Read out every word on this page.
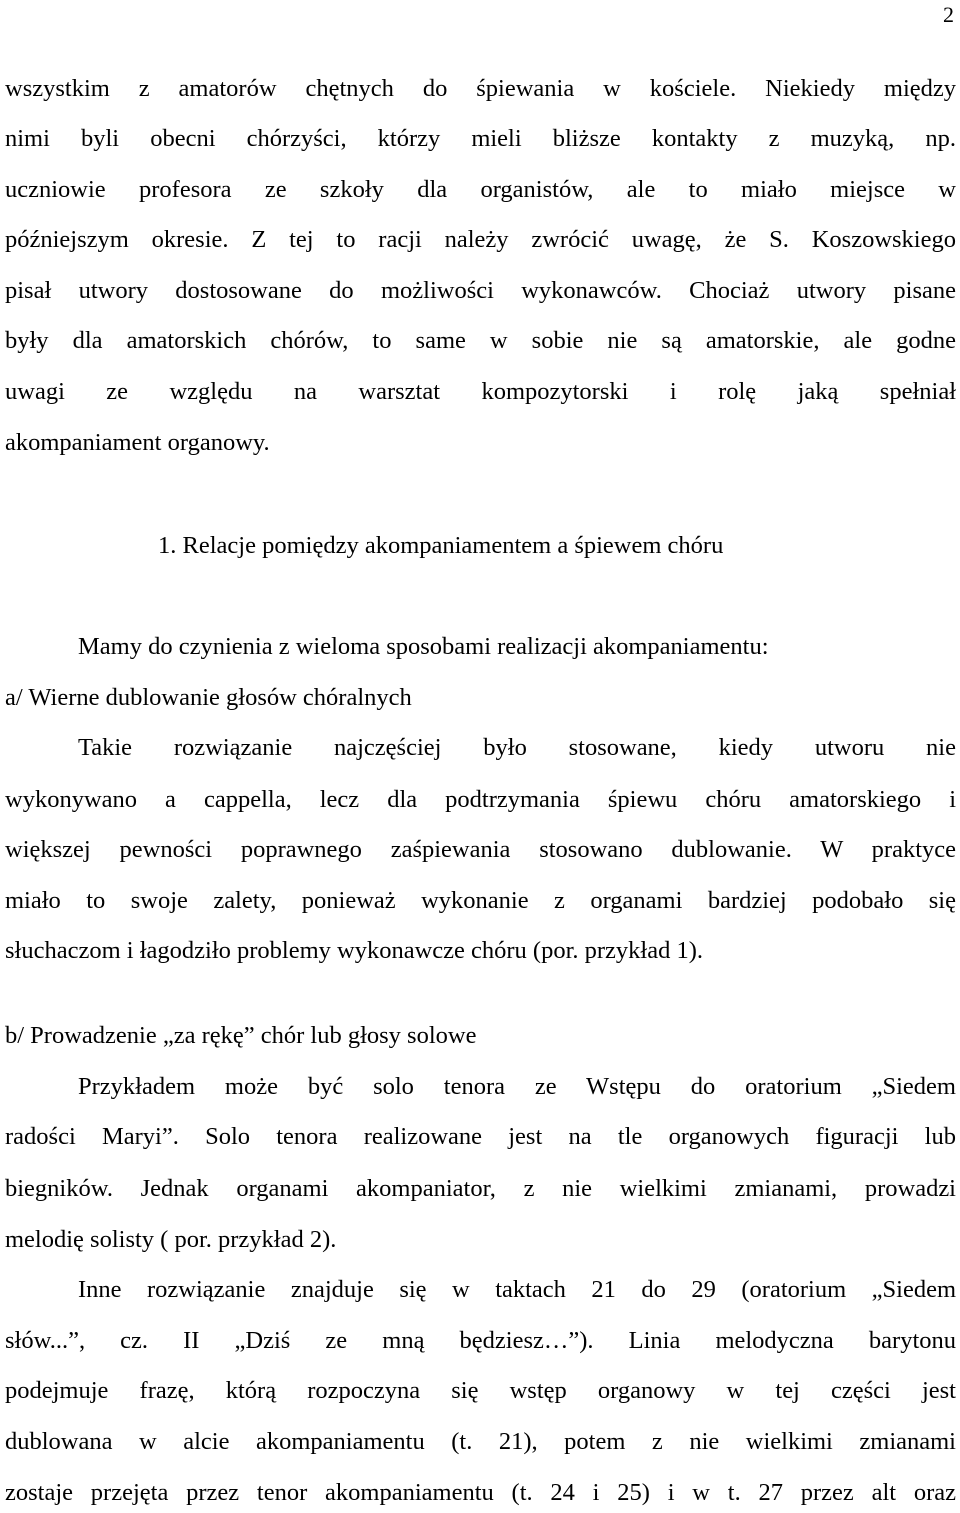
2
wszystkim z amatorów chętnych do śpiewania w kościele. Niekiedy między
nimi byli obecni chórzyści, którzy mieli bliższe kontakty z muzyką, np.
uczniowie profesora ze szkoły dla organistów, ale to miało miejsce w
późniejszym okresie. Z tej to racji należy zwrócić uwagę, że S. Koszowskiego
pisał utwory dostosowane do możliwości wykonawców. Chociaż utwory pisane
były dla amatorskich chórów, to same w sobie nie są amatorskie, ale godne
uwagi ze względu na warsztat kompozytorski i rolę jaką spełniał
akompaniament organowy.
1. Relacje pomiędzy akompaniamentem a śpiewem chóru
Mamy do czynienia z wieloma sposobami realizacji akompaniamentu:
a/ Wierne dublowanie głosów chóralnych
Takie rozwiązanie najczęściej było stosowane, kiedy utworu nie
wykonywano a cappella, lecz dla podtrzymania śpiewu chóru amatorskiego i
większej pewności poprawnego zaśpiewania stosowano dublowanie. W praktyce
miało to swoje zalety, ponieważ wykonanie z organami bardziej podobało się
słuchaczom i łagodziło problemy wykonawcze chóru (por. przykład 1).
b/ Prowadzenie „za rękę” chór lub głosy solowe
Przykładem może być solo tenora ze Wstępu do oratorium „Siedem
radości Maryi”. Solo tenora realizowane jest na tle organowych figuracji lub
biegników. Jednak organami akompaniator, z nie wielkimi zmianami, prowadzi
melodię solisty ( por. przykład 2).
Inne rozwiązanie znajduje się w taktach 21 do 29 (oratorium „Siedem
słów...”, cz. II „Dziś ze mną będziesz…”). Linia melodyczna barytonu
podejmuje frazę, którą rozpoczyna się wstęp organowy w tej części jest
dublowana w alcie akompaniamentu (t. 21), potem z nie wielkimi zmianami
zostaje przejęta przez tenor akompaniamentu (t. 24 i 25) i w t. 27 przez alt oraz
